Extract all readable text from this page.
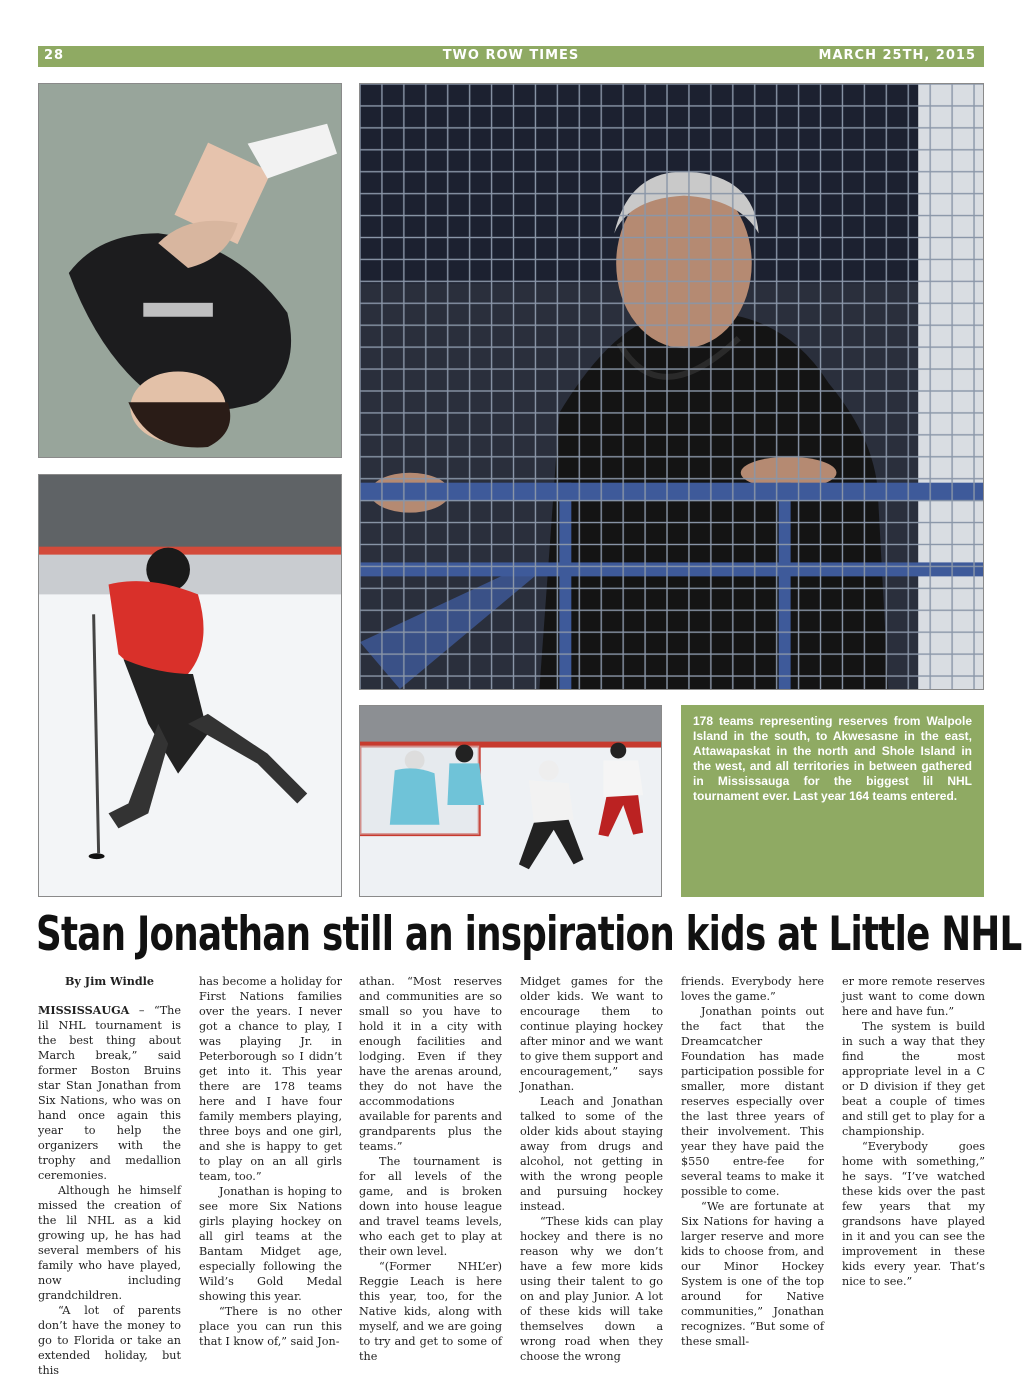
28	TWO ROW TIMES	MARCH 25TH, 2015
178 teams representing reserves from Walpole Island in the south, to Akwesasne in the east, Attawapaskat in the north and Shole Island in the west, and all territories in between gathered in Mississauga for the biggest lil NHL tournament ever. Last year 164 teams entered.
Stan Jonathan still an inspiration kids at Little NHL

By Jim Windle

MISSISSAUGA – “The lil NHL tournament is the best thing about March break,” said former Boston Bruins star Stan Jonathan from Six Nations, who was on hand once again this year to help the organizers with the trophy and medallion ceremonies.

Although he himself missed the creation of the lil NHL as a kid growing up, he has had several members of his family who have played, now including grandchildren.

“A lot of parents don’t have the money to go to Florida or take an extended holiday, but this

has become a holiday for First Nations families over the years. I never got a chance to play, I was playing Jr. in Peterborough so I didn’t get into it. This year there are 178 teams here and I have four family members playing, three boys and one girl, and she is happy to get to play on an all girls team, too.”

Jonathan is hoping to see more Six Nations girls playing hockey on all girl teams at the Bantam Midget age, especially following the Wild’s Gold Medal showing this year.

“There is no other place you can run this that I know of,” said Jon-

athan. “Most reserves and communities are so small so you have to hold it in a city with enough facilities and lodging. Even if they have the arenas around, they do not have the accommodations available for parents and grandparents plus the teams.”

The tournament is for all levels of the game, and is broken down into house league and travel teams levels, who each get to play at their own level.

“(Former NHL’er) Reggie Leach is here this year, too, for the Native kids, along with myself, and we are going to try and get to some of the

Midget games for the older kids. We want to encourage them to continue playing hockey after minor and we want to give them support and encouragement,” says Jonathan.

Leach and Jonathan talked to some of the older kids about staying away from drugs and alcohol, not getting in with the wrong people and pursuing hockey instead.

“These kids can play hockey and there is no reason why we don’t have a few more kids using their talent to go on and play Junior. A lot of these kids will take themselves down a wrong road when they choose the wrong

friends. Everybody here loves the game.”

Jonathan points out the fact that the Dreamcatcher Foundation has made participation possible for smaller, more distant reserves especially over the last three years of their involvement. This year they have paid the $550 entre-fee for several teams to make it possible to come.

“We are fortunate at Six Nations for having a larger reserve and more kids to choose from, and our Minor Hockey System is one of the top around for Native communities,” Jonathan recognizes. “But some of these small-

er more remote reserves just want to come down here and have fun.”

The system is build in such a way that they find the most appropriate level in a C or D division if they get beat a couple of times and still get to play for a championship.

“Everybody goes home with something,” he says. “I’ve watched these kids over the past few years that my grandsons have played in it and you can see the improvement in these kids every year. That’s nice to see.”
